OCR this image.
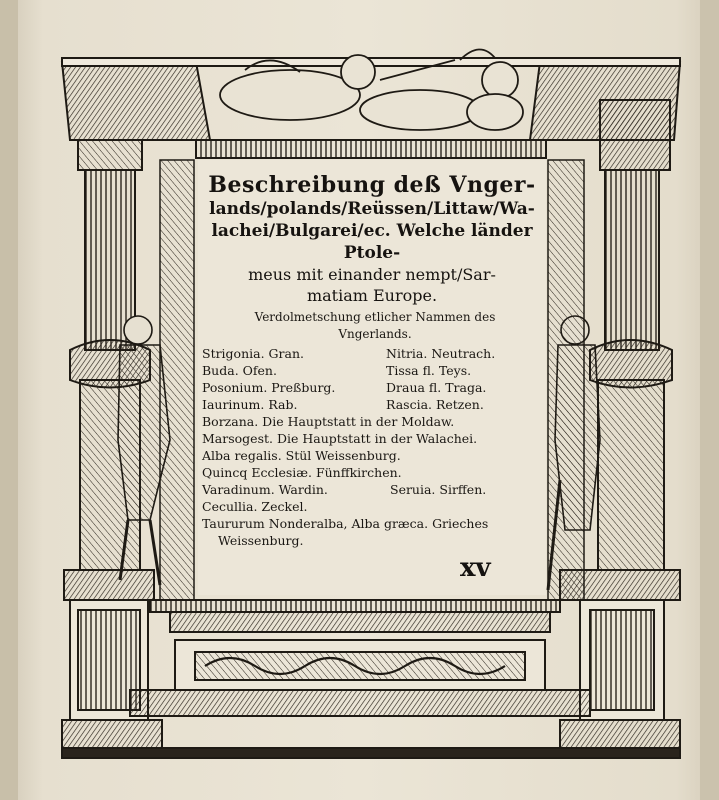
Beschreibung deß Vnger-
lands/polands/Reüssen/Littaw/Wa-
lachei/Bulgarei/ec. Welche länder Ptole-
meus mit einander nempt/Sar-
matiam Europe.
Verdolmetschung etlicher Nammen des
Vngerlands.
Strigonia. Gran.	Nitria. Neutrach.
Buda. Ofen.	Tissa fl. Teys.
Posonium. Preßburg.	Draua fl. Traga.
Iaurinum. Rab.	Rascia. Retzen.
Borzana. Die Hauptstatt in der Moldaw.
Marsogest. Die Hauptstatt in der Walachei.
Alba regalis. Stül Weissenburg.
Quincq Ecclesiæ. Fünffkirchen.
Varadinum. Wardin.	Seruia. Sirffen.
Cecullia. Zeckel.
Taururum Nonderalba, Alba græca. Grieches
Weissenburg.
xv
